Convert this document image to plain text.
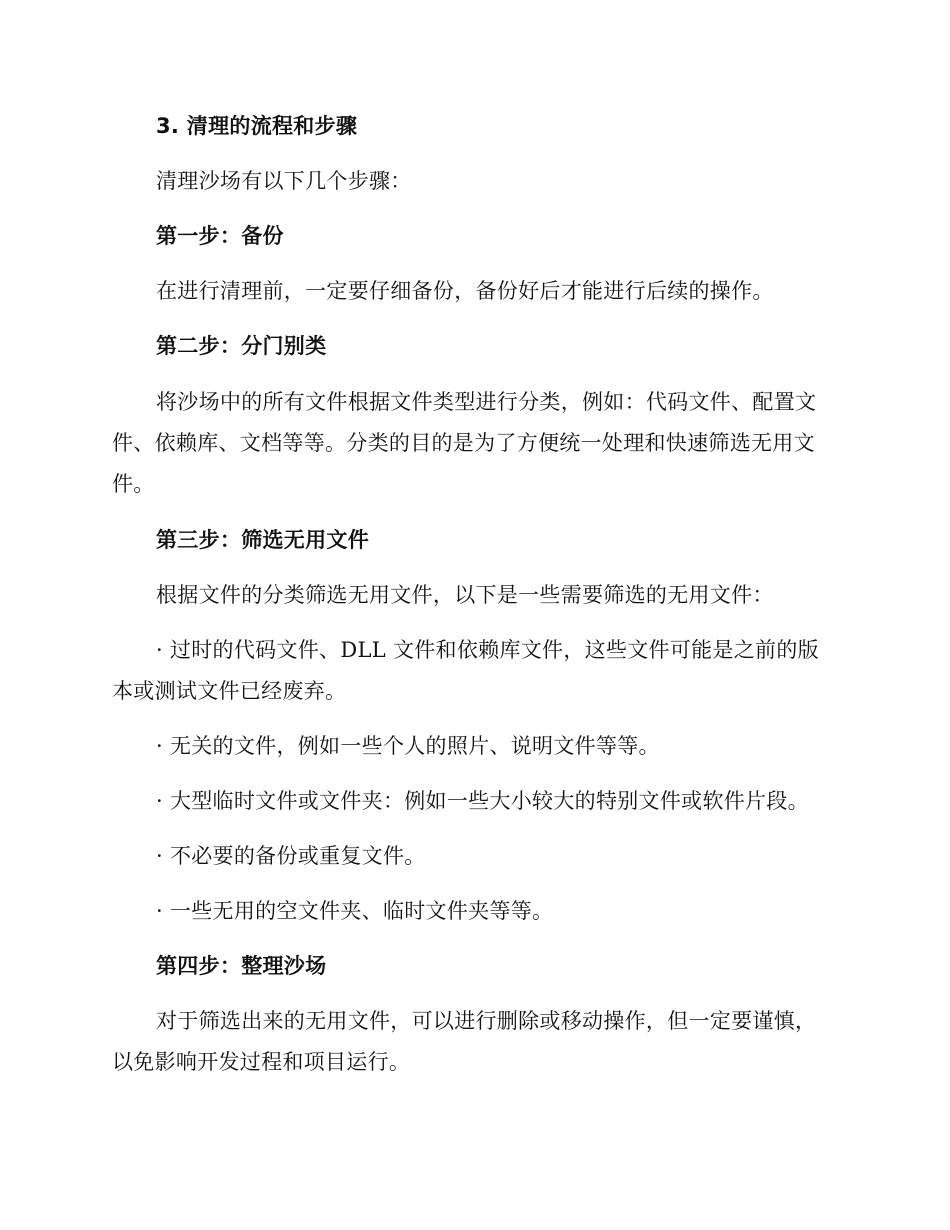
3. 清理的流程和步骤

清理沙场有以下几个步骤：

第一步：备份

在进行清理前，一定要仔细备份，备份好后才能进行后续的操作。

第二步：分门别类

将沙场中的所有文件根据文件类型进行分类，例如：代码文件、配置文件、依赖库、文档等等。分类的目的是为了方便统一处理和快速筛选无用文件。

第三步：筛选无用文件

根据文件的分类筛选无用文件，以下是一些需要筛选的无用文件：

· 过时的代码文件、DLL 文件和依赖库文件，这些文件可能是之前的版本或测试文件已经废弃。

· 无关的文件，例如一些个人的照片、说明文件等等。

· 大型临时文件或文件夹：例如一些大小较大的特别文件或软件片段。

· 不必要的备份或重复文件。

· 一些无用的空文件夹、临时文件夹等等。

第四步：整理沙场

对于筛选出来的无用文件，可以进行删除或移动操作，但一定要谨慎，以免影响开发过程和项目运行。
